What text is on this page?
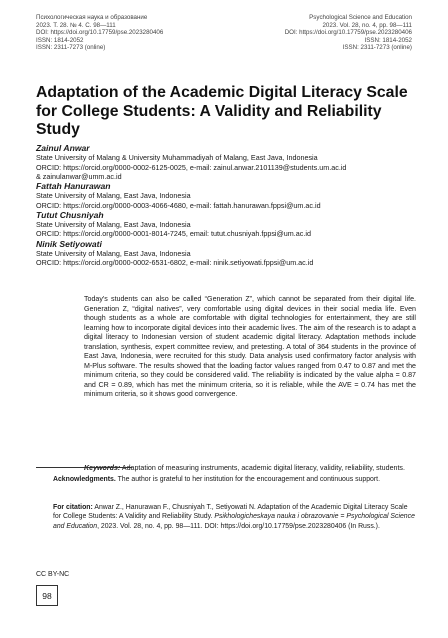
Психологическая наука и образование
2023. Т. 28. № 4. С. 98—111
DOI: https://doi.org/10.17759/pse.2023280406
ISSN: 1814-2052
ISSN: 2311-7273 (online)
Psychological Science and Education
2023. Vol. 28, no. 4, pp. 98—111
DOI: https://doi.org/10.17759/pse.2023280406
ISSN: 1814-2052
ISSN: 2311-7273 (online)
Adaptation of the Academic Digital Literacy Scale for College Students: A Validity and Reliability Study
Zainul Anwar
State University of Malang & University Muhammadiyah of Malang, East Java, Indonesia
ORCID: https://orcid.org/0000-0002-6125-0025, e-mail: zainul.anwar.2101139@students.um.ac.id
& zainulanwar@umm.ac.id
Fattah Hanurawan
State University of Malang, East Java, Indonesia
ORCID: https://orcid.org/0000-0003-4066-4680, e-mail: fattah.hanurawan.fppsi@um.ac.id
Tutut Chusniyah
State University of Malang, East Java, Indonesia
ORCID: https://orcid.org/0000-0001-8014-7245, email: tutut.chusniyah.fppsi@um.ac.id
Ninik Setiyowati
State University of Malang, East Java, Indonesia
ORCID: https://orcid.org/0000-0002-6531-6802, e-mail: ninik.setiyowati.fppsi@um.ac.id

Today's students can also be called “Generation Z”, which cannot be separated from their digital life. Generation Z, “digital natives”, very comfortable using digital devices in their social media life. Even though students as a whole are comfortable with digital technologies for entertainment, they are still learning how to incorporate digital devices into their academic lives. The aim of the research is to adapt a digital literacy to Indonesian version of student academic digital literacy. Adaptation methods include translation, synthesis, expert committee review, and pretesting. A total of 364 students in the province of East Java, Indonesia, were recruited for this study. Data analysis used confirmatory factor analysis with M-Plus software. The results showed that the loading factor values ranged from 0.47 to 0.87 and met the minimum criteria, so they could be considered valid. The reliability is indicated by the value alpha = 0.87 and CR = 0.89, which has met the minimum criteria, so it is reliable, while the AVE = 0.74 has met the minimum criteria, so it shows good convergence.

Keywords: Adaptation of measuring instruments, academic digital literacy, validity, reliability, students.

Acknowledgments. The author is grateful to her institution for the encouragement and continuous support.

For citation: Anwar Z., Hanurawan F., Chusniyah T., Setiyowati N. Adaptation of the Academic Digital Literacy Scale for College Students: A Validity and Reliability Study. Psikhologicheskaya nauka i obrazovanie = Psychological Science and Education, 2023. Vol. 28, no. 4, pp. 98—111. DOI: https://doi.org/10.17759/pse.2023280406 (In Russ.).

CC BY-NC
98
